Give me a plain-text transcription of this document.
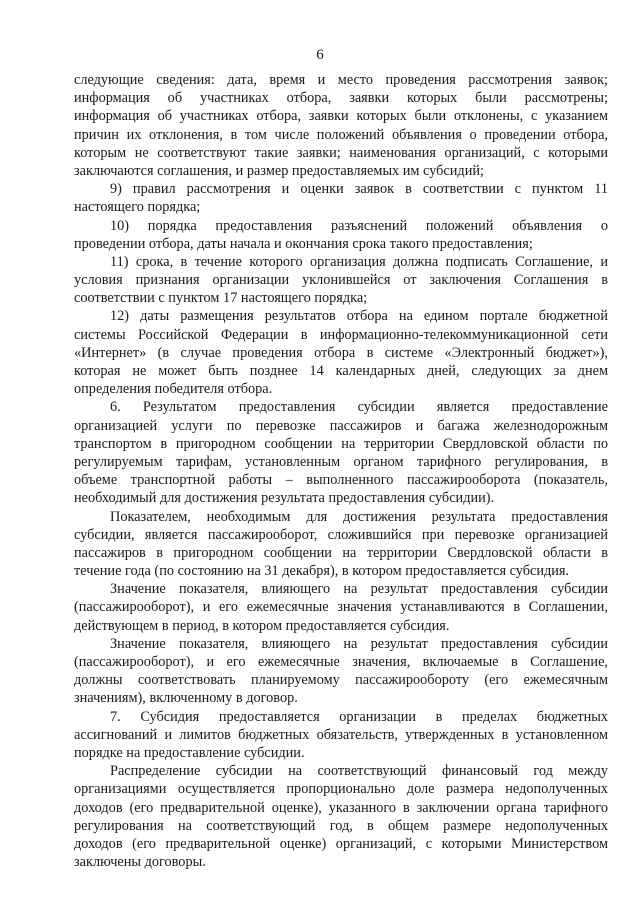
6
следующие сведения: дата, время и место проведения рассмотрения заявок;
информация об участниках отбора, заявки которых были рассмотрены;
информация об участниках отбора, заявки которых были отклонены, с указанием
причин их отклонения, в том числе положений объявления о проведении отбора,
которым не соответствуют такие заявки; наименования организаций, с которыми
заключаются соглашения, и размер предоставляемых им субсидий;
9) правил рассмотрения и оценки заявок в соответствии с пунктом 11
настоящего порядка;
10) порядка предоставления разъяснений положений объявления о
проведении отбора, даты начала и окончания срока такого предоставления;
11) срока, в течение которого организация должна подписать Соглашение, и
условия признания организации уклонившейся от заключения Соглашения в
соответствии с пунктом 17 настоящего порядка;
12) даты размещения результатов отбора на едином портале бюджетной
системы Российской Федерации в информационно-телекоммуникационной сети
«Интернет» (в случае проведения отбора в системе «Электронный бюджет»),
которая не может быть позднее 14 календарных дней, следующих за днем
определения победителя отбора.
6. Результатом предоставления субсидии является предоставление
организацией услуги по перевозке пассажиров и багажа железнодорожным
транспортом в пригородном сообщении на территории Свердловской области по
регулируемым тарифам, установленным органом тарифного регулирования, в
объеме транспортной работы – выполненного пассажирооборота (показатель,
необходимый для достижения результата предоставления субсидии).
Показателем, необходимым для достижения результата предоставления
субсидии, является пассажирооборот, сложившийся при перевозке организацией
пассажиров в пригородном сообщении на территории Свердловской области в
течение года (по состоянию на 31 декабря), в котором предоставляется субсидия.
Значение показателя, влияющего на результат предоставления субсидии
(пассажирооборот), и его ежемесячные значения устанавливаются в Соглашении,
действующем в период, в котором предоставляется субсидия.
Значение показателя, влияющего на результат предоставления субсидии
(пассажирооборот), и его ежемесячные значения, включаемые в Соглашение,
должны соответствовать планируемому пассажирообороту (его ежемесячным
значениям), включенному в договор.
7. Субсидия предоставляется организации в пределах бюджетных
ассигнований и лимитов бюджетных обязательств, утвержденных в установленном
порядке на предоставление субсидии.
Распределение субсидии на соответствующий финансовый год между
организациями осуществляется пропорционально доле размера недополученных
доходов (его предварительной оценке), указанного в заключении органа тарифного
регулирования на соответствующий год, в общем размере недополученных
доходов (его предварительной оценке) организаций, с которыми Министерством
заключены договоры.
